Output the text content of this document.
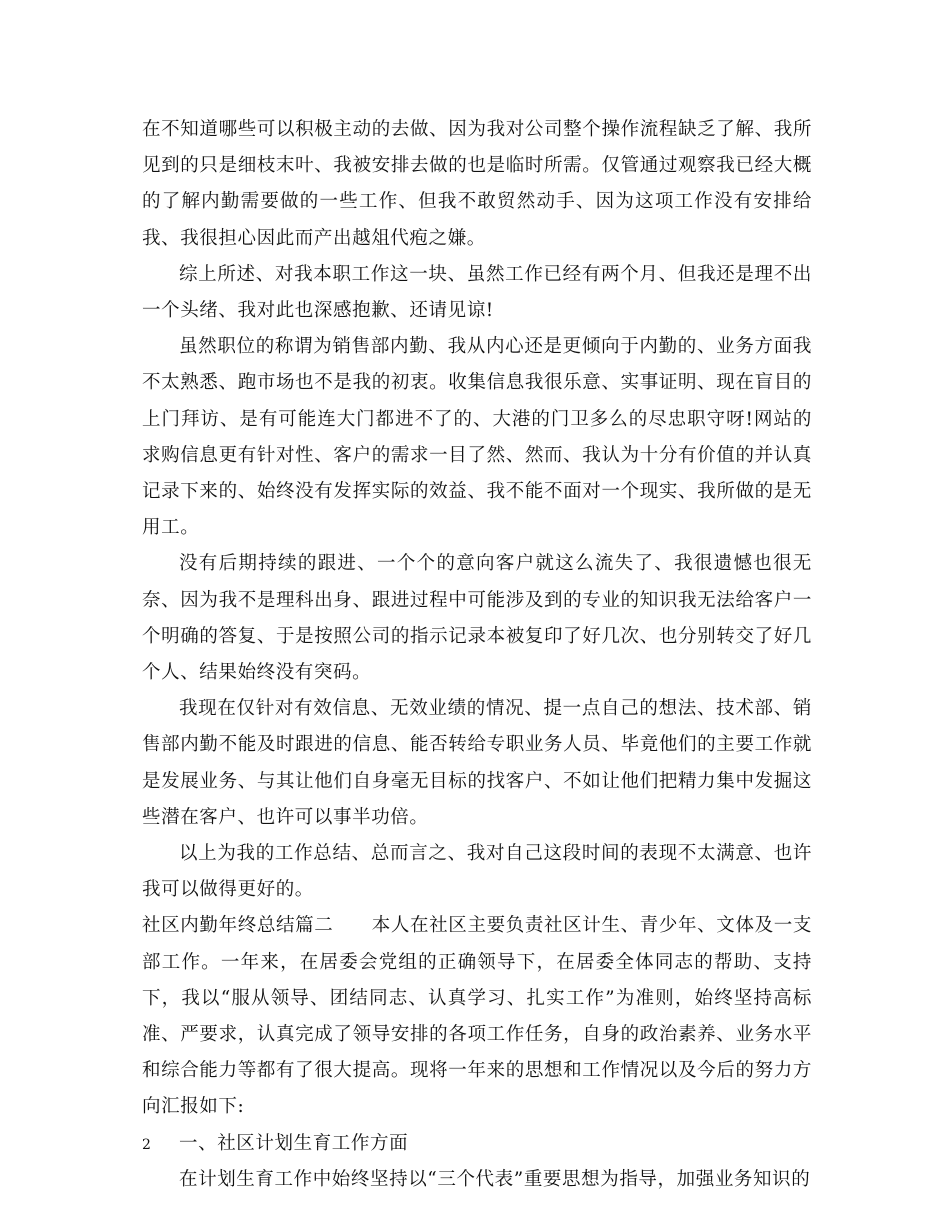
在不知道哪些可以积极主动的去做、因为我对公司整个操作流程缺乏了解、我所见到的只是细枝末叶、我被安排去做的也是临时所需。仅管通过观察我已经大概的了解内勤需要做的一些工作、但我不敢贸然动手、因为这项工作没有安排给我、我很担心因此而产出越俎代疱之嫌。

综上所述、对我本职工作这一块、虽然工作已经有两个月、但我还是理不出一个头绪、我对此也深感抱歉、还请见谅!

虽然职位的称谓为销售部内勤、我从内心还是更倾向于内勤的、业务方面我不太熟悉、跑市场也不是我的初衷。收集信息我很乐意、实事证明、现在盲目的上门拜访、是有可能连大门都进不了的、大港的门卫多么的尽忠职守呀!网站的求购信息更有针对性、客户的需求一目了然、然而、我认为十分有价值的并认真记录下来的、始终没有发挥实际的效益、我不能不面对一个现实、我所做的是无用工。

没有后期持续的跟进、一个个的意向客户就这么流失了、我很遗憾也很无奈、因为我不是理科出身、跟进过程中可能涉及到的专业的知识我无法给客户一个明确的答复、于是按照公司的指示记录本被复印了好几次、也分别转交了好几个人、结果始终没有突码。

我现在仅针对有效信息、无效业绩的情况、提一点自己的想法、技术部、销售部内勤不能及时跟进的信息、能否转给专职业务人员、毕竟他们的主要工作就是发展业务、与其让他们自身毫无目标的找客户、不如让他们把精力集中发掘这些潜在客户、也许可以事半功倍。

以上为我的工作总结、总而言之、我对自己这段时间的表现不太满意、也许我可以做得更好的。

社区内勤年终总结篇二　　本人在社区主要负责社区计生、青少年、文体及一支部工作。一年来，在居委会党组的正确领导下，在居委全体同志的帮助、支持下，我以“服从领导、团结同志、认真学习、扎实工作”为准则，始终坚持高标准、严要求，认真完成了领导安排的各项工作任务，自身的政治素养、业务水平和综合能力等都有了很大提高。现将一年来的思想和工作情况以及今后的努力方向汇报如下:

一、社区计划生育工作方面

在计划生育工作中始终坚持以“三个代表”重要思想为指导，加强业务知识的

2
